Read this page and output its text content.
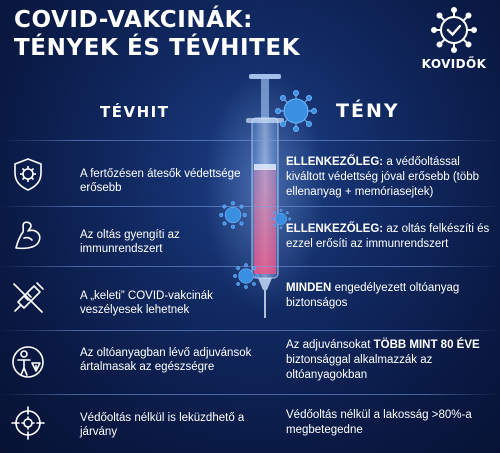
COVID-VAKCINÁK:
TÉNYEK ÉS TÉVHITEK
KOVIDŐK
TÉVHIT	TÉNY
A fertőzésen átesők védettsége erősebb
ELLENKEZŐLEG: a védőoltással kiváltott védettség jóval erősebb (több ellenanyag + memóriasejtek)
Az oltás gyengíti az immunrendszert
ELLENKEZŐLEG: az oltás felkészíti és ezzel erősíti az immunrendszert
A „keleti” COVID-vakcinák veszélyesek lehetnek
MINDEN engedélyezett oltóanyag biztonságos
Az oltóanyagban lévő adjuvánsok ártalmasak az egészségre
Az adjuvánsokat TÖBB MINT 80 ÉVE biztonsággal alkalmazzák az oltóanyagokban
Védőoltás nélkül is leküzdhető a járvány
Védőoltás nélkül a lakosság >80%-a megbetegedne
